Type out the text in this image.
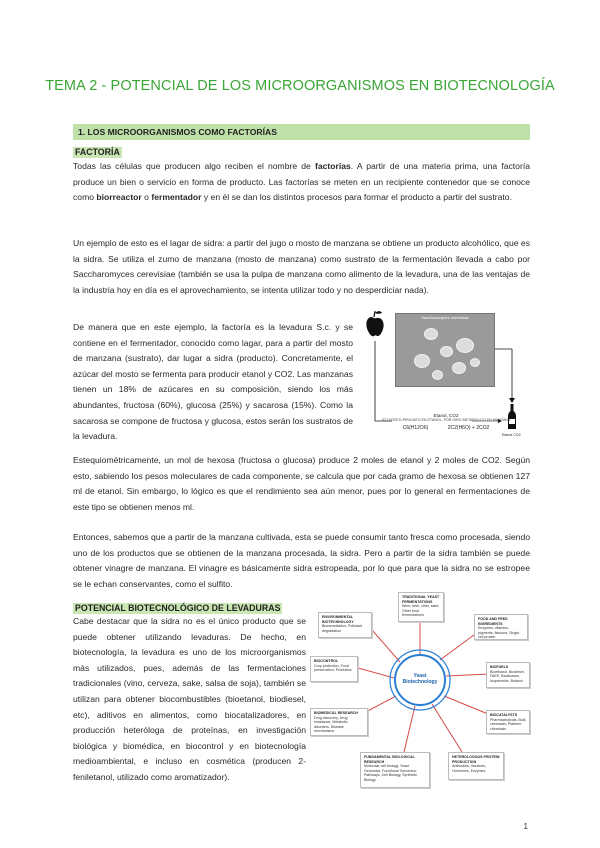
TEMA 2 - POTENCIAL DE LOS MICROORGANISMOS EN BIOTECNOLOGÍA
1. LOS MICROORGANISMOS COMO FACTORÍAS
FACTORÍA

Todas las células que producen algo reciben el nombre de factorías. A partir de una materia prima, una factoría produce un bien o servicio en forma de producto. Las factorías se meten en un recipiente contenedor que se conoce como biorreactor o fermentador y en él se dan los distintos procesos para formar el producto a partir del sustrato.

Un ejemplo de esto es el lagar de sidra: a partir del jugo o mosto de manzana se obtiene un producto alcohólico, que es la sidra. Se utiliza el zumo de manzana (mosto de manzana) como sustrato de la fermentación llevada a cabo por Saccharomyces cerevisiae (también se usa la pulpa de manzana como alimento de la levadura, una de las ventajas de la industria hoy en día es el aprovechamiento, se intenta utilizar todo y no desperdiciar nada).

De manera que en este ejemplo, la factoría es la levadura S.c. y se contiene en el fermentador, conocido como lagar, para a partir del mosto de manzana (sustrato), dar lugar a sidra (producto). Concretamente, el azúcar del mosto se fermenta para producir etanol y CO2. Las manzanas tienen un 18% de azúcares en su composición, siendo los más abundantes, fructosa (60%), glucosa (25%) y sacarosa (15%). Como la sacarosa se compone de fructosa y glucosa, estos serán los sustratos de la levadura.

Saccharomyces cerevisiae
Etanol, CO2
2C2 FOSFO-PIRUVATO EN ETANOL, POR GIRO METABOLICO EN MANZANA
C6(H12O6)	2C2(H6O) + 2CO2
Etanol CO2

Estequiométricamente, un mol de hexosa (fructosa o glucosa) produce 2 moles de etanol y 2 moles de CO2. Según esto, sabiendo los pesos moleculares de cada componente, se calcula que por cada gramo de hexosa se obtienen 127 ml de etanol. Sin embargo, lo lógico es que el rendimiento sea aún menor, pues por lo general en fermentaciones de este tipo se obtienen menos ml.

Entonces, sabemos que a partir de la manzana cultivada, esta se puede consumir tanto fresca como procesada, siendo uno de los productos que se obtienen de la manzana procesada, la sidra. Pero a partir de la sidra también se puede obtener vinagre de manzana. El vinagre es básicamente sidra estropeada, por lo que para que la sidra no se estropee se le echan conservantes, como el sulfito.

POTENCIAL BIOTECNOLÓGICO DE LEVADURAS

Cabe destacar que la sidra no es el único producto que se puede obtener utilizando levaduras. De hecho, en biotecnología, la levadura es uno de los microorganismos más utilizados, pues, además de las fermentaciones tradicionales (vino, cerveza, sake, salsa de soja), también se utilizan para obtener biocombustibles (bioetanol, biodiesel, etc), aditivos en alimentos, como biocatalizadores, en producción heteróloga de proteínas, en investigación biológica y biomédica, en biocontrol y en biotecnología medioambiental, e incluso en cosmética (producen 2-feniletanol, utilizado como aromatizador).

Yeast Biotechnology
TRADITIONAL YEAST FERMENTATIONS
Wine, beer, cider, sake, Other food fermentations
FOOD AND FEED INGREDIENTS
Enzymes, vitamins, pigments, flavours, Single-cell protein
BIOFUELS
Bioethanol, Biodiesel, FAEE, Bioalkanes, Isoprenoids, Butanol
BIOCATALYSTS
Pharmaceuticals, Bulk chemicals, Platform chemicals
HETEROLOGOUS PROTEIN PRODUCTION
Antibodies, Vaccines, Hormones, Enzymes
FUNDAMENTAL BIOLOGICAL RESEARCH
Molecular cell biology, Yeast Genomics, Functional Genomics, Pathways, Cell Biology, Synthetic Biology
BIOMEDICAL RESEARCH
Drug discovery, Drug resistance, Metabolic disorders, Disease mechanisms
BIOCONTROL
Crop protection, Food preservation, Probiotics
ENVIRONMENTAL BIOTECHNOLOGY
Bioremediation, Pollutant degradation
1
